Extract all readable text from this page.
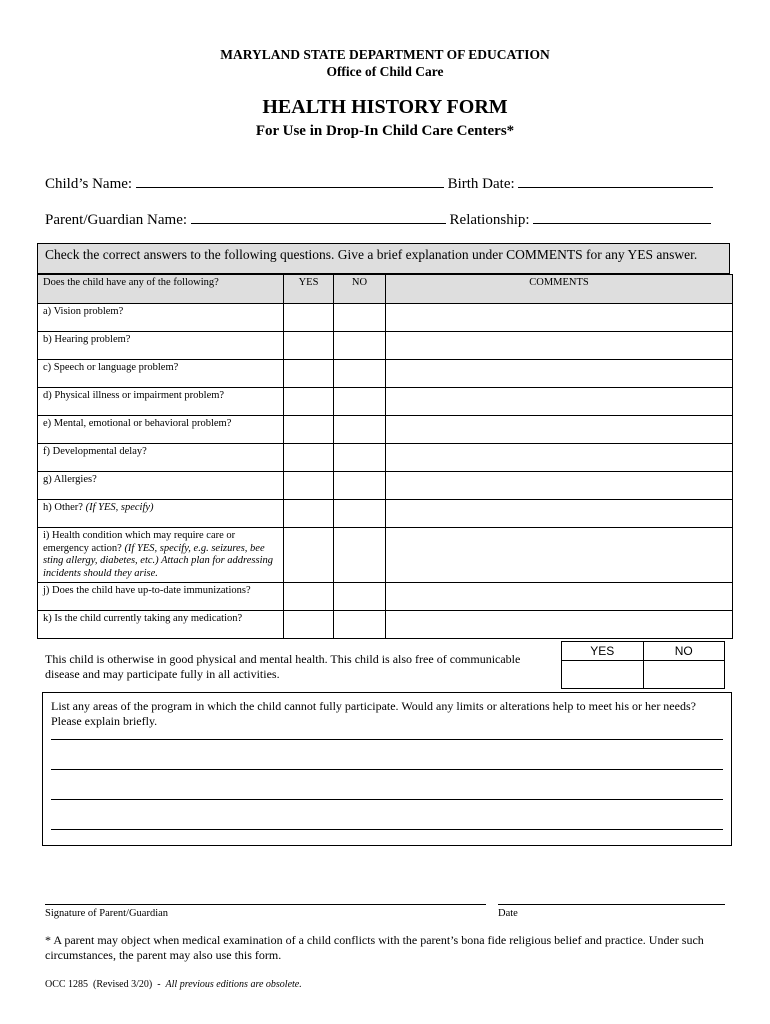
MARYLAND STATE DEPARTMENT OF EDUCATION
Office of Child Care
HEALTH HISTORY FORM
For Use in Drop-In Child Care Centers*
Child’s Name:	Birth Date:
Parent/Guardian Name:	Relationship:
Check the correct answers to the following questions. Give a brief explanation under COMMENTS for any YES answer.
Does the child have any of the following?	YES	NO	COMMENTS
a) Vision problem?			
b) Hearing problem?			
c) Speech or language problem?			
d) Physical illness or impairment problem?			
e) Mental, emotional or behavioral problem?			
f) Developmental delay?			
g) Allergies?			
h) Other? (If YES, specify)			
i) Health condition which may require care or emergency action? (If YES, specify, e.g. seizures, bee sting allergy, diabetes, etc.) Attach plan for addressing incidents should they arise.			
j) Does the child have up-to-date immunizations?			
k) Is the child currently taking any medication?			
This child is otherwise in good physical and mental health. This child is also free of communicable disease and may participate fully in all activities.
YES	NO

List any areas of the program in which the child cannot fully participate. Would any limits or alterations help to meet his or her needs? Please explain briefly.
Signature of Parent/Guardian	Date
* A parent may object when medical examination of a child conflicts with the parent’s bona fide religious belief and practice. Under such circumstances, the parent may also use this form.
OCC 1285  (Revised 3/20)  -  All previous editions are obsolete.
